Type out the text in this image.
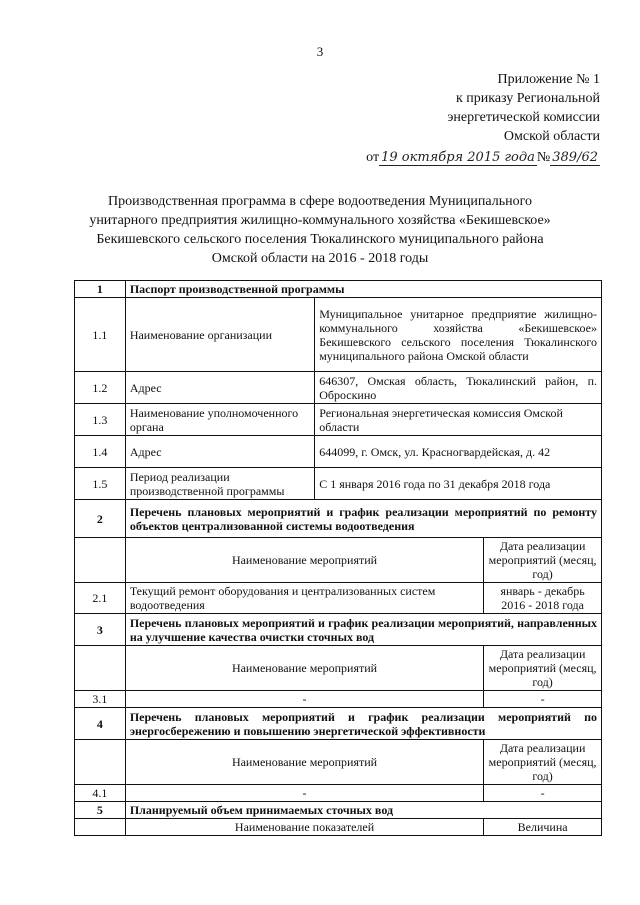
3
Приложение № 1
к приказу Региональной
энергетической комиссии
Омской области
от 19 октября 2015 года № 389/62
Производственная программа в сфере водоотведения Муниципального
унитарного предприятия жилищно-коммунального хозяйства «Бекишевское»
Бекишевского сельского поселения Тюкалинского муниципального района
Омской области на 2016 - 2018 годы
1	Паспорт производственной программы		
1.1	Наименование организации	Муниципальное унитарное предприятие жилищно-коммунального хозяйства «Бекишевское» Бекишевского сельского поселения Тюкалинского муниципального района Омской области	
1.2	Адрес	646307, Омская область, Тюкалинский район, п. Оброскино	
1.3	Наименование уполномоченного органа	Региональная энергетическая комиссия Омской области	
1.4	Адрес	644099, г. Омск, ул. Красногвардейская, д. 42	
1.5	Период реализации производственной программы	С 1 января 2016 года по 31 декабря 2018 года	
2	Перечень плановых мероприятий и график реализации мероприятий по ремонту объектов централизованной системы водоотведения		
	Наименование мероприятий		Дата реализации мероприятий (месяц, год)
2.1	Текущий ремонт оборудования и централизованных систем водоотведения		январь - декабрь 2016 - 2018 года
3	Перечень плановых мероприятий и график реализации мероприятий, направленных на улучшение качества очистки сточных вод		
	Наименование мероприятий		Дата реализации мероприятий (месяц, год)
3.1	-		-
4	Перечень плановых мероприятий и график реализации мероприятий по энергосбережению и повышению энергетической эффективности		
	Наименование мероприятий		Дата реализации мероприятий (месяц, год)
4.1	-		-
5	Планируемый объем принимаемых сточных вод		
	Наименование показателей		Величина
